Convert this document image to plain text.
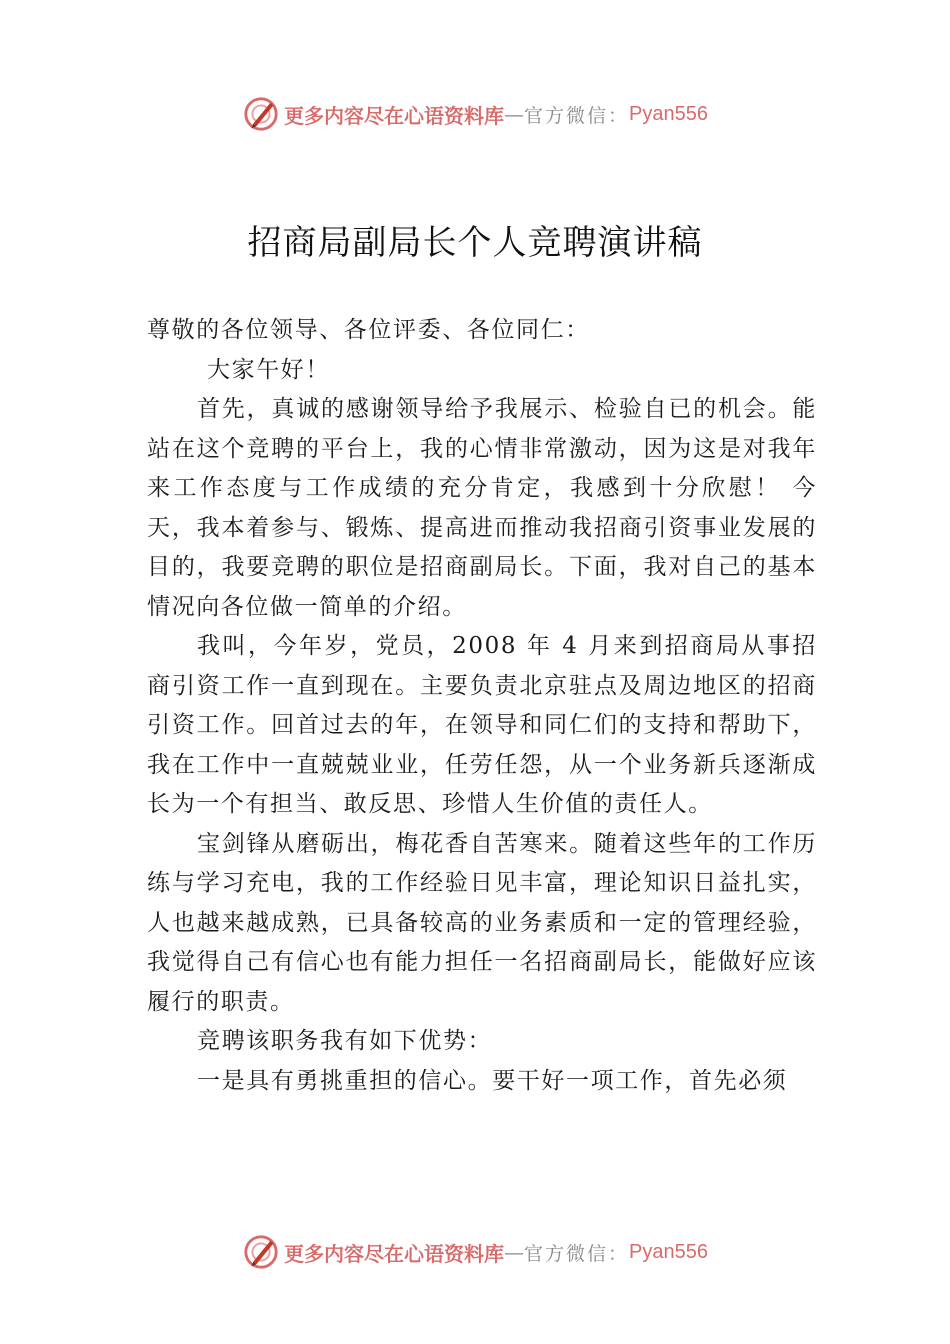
更多内容尽在心语资料库 — 官方微信： Pyan556
招商局副局长个人竞聘演讲稿

尊敬的各位领导、各位评委、各位同仁：

大家午好！

首先，真诚的感谢领导给予我展示、检验自已的机会。能站在这个竞聘的平台上，我的心情非常激动，因为这是对我年来工作态度与工作成绩的充分肯定，我感到十分欣慰！ 今天，我本着参与、锻炼、提高进而推动我招商引资事业发展的目的，我要竞聘的职位是招商副局长。下面，我对自己的基本情况向各位做一简单的介绍。

我叫，今年岁，党员，2008 年 4 月来到招商局从事招商引资工作一直到现在。主要负责北京驻点及周边地区的招商引资工作。回首过去的年，在领导和同仁们的支持和帮助下， 我在工作中一直兢兢业业，任劳任怨，从一个业务新兵逐渐成长为一个有担当、敢反思、珍惜人生价值的责任人。

宝剑锋从磨砺出，梅花香自苦寒来。随着这些年的工作历练与学习充电，我的工作经验日见丰富，理论知识日益扎实，人也越来越成熟，已具备较高的业务素质和一定的管理经验，我觉得自己有信心也有能力担任一名招商副局长，能做好应该履行的职责。

竞聘该职务我有如下优势：

一是具有勇挑重担的信心。要干好一项工作，首先必须

更多内容尽在心语资料库 — 官方微信： Pyan556
